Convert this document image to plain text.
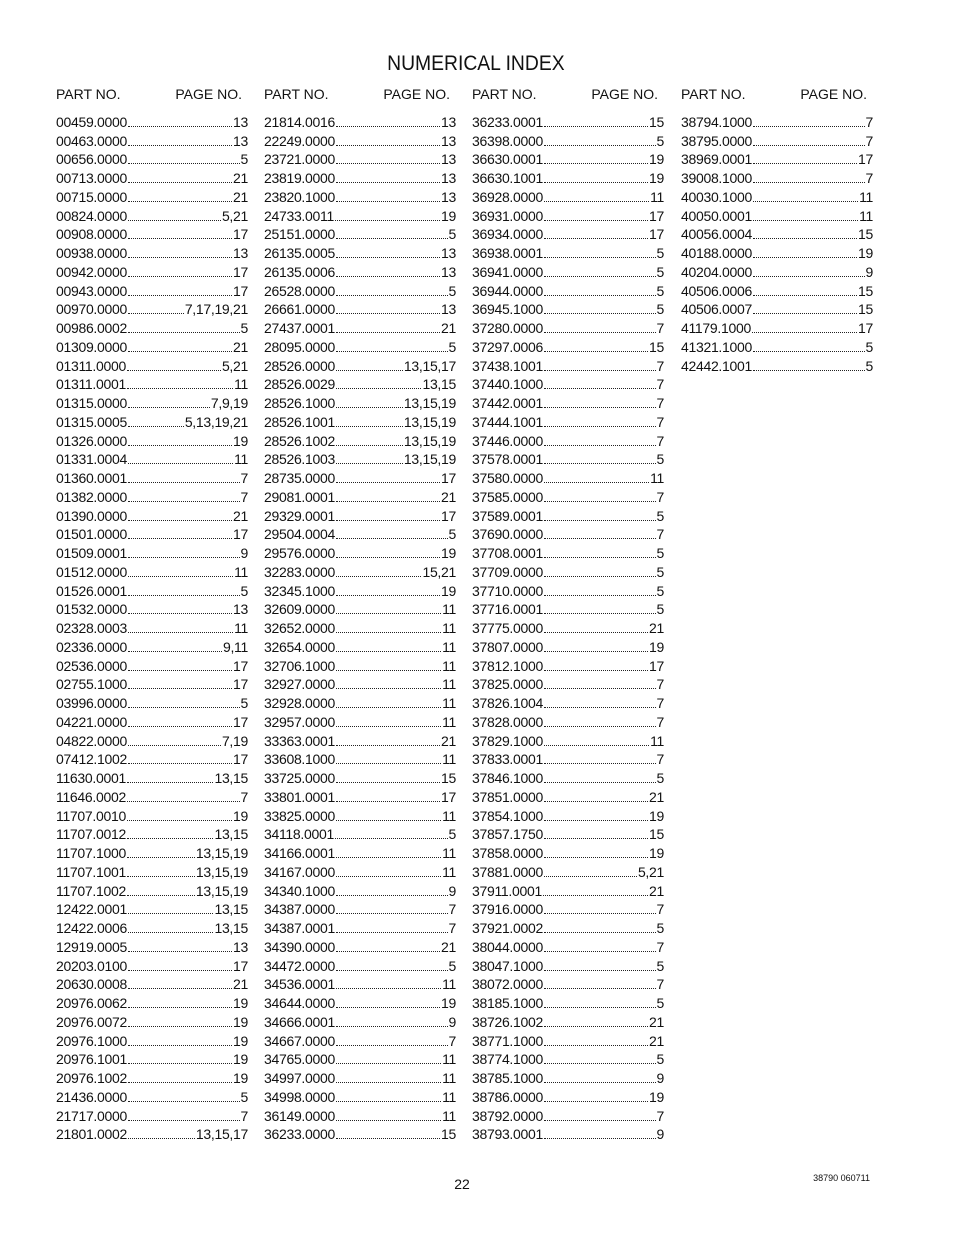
NUMERICAL INDEX
PART NO.	PAGE NO.
00459.0000	13
00463.0000	13
00656.0000	5
00713.0000	21
00715.0000	21
00824.0000	5,21
00908.0000	17
00938.0000	13
00942.0000	17
00943.0000	17
00970.0000	7,17,19,21
00986.0002	5
01309.0000	21
01311.0000	5,21
01311.0001	11
01315.0000	7,9,19
01315.0005	5,13,19,21
01326.0000	19
01331.0004	11
01360.0001	7
01382.0000	7
01390.0000	21
01501.0000	17
01509.0001	9
01512.0000	11
01526.0001	5
01532.0000	13
02328.0003	11
02336.0000	9,11
02536.0000	17
02755.1000	17
03996.0000	5
04221.0000	17
04822.0000	7,19
07412.1002	17
11630.0001	13,15
11646.0002	7
11707.0010	19
11707.0012	13,15
11707.1000	13,15,19
11707.1001	13,15,19
11707.1002	13,15,19
12422.0001	13,15
12422.0006	13,15
12919.0005	13
20203.0100	17
20630.0008	21
20976.0062	19
20976.0072	19
20976.1000	19
20976.1001	19
20976.1002	19
21436.0000	5
21717.0000	7
21801.0002	13,15,17
PART NO.	PAGE NO.
21814.0016	13
22249.0000	13
23721.0000	13
23819.0000	13
23820.1000	13
24733.0011	19
25151.0000	5
26135.0005	13
26135.0006	13
26528.0000	5
26661.0000	13
27437.0001	21
28095.0000	5
28526.0000	13,15,17
28526.0029	13,15
28526.1000	13,15,19
28526.1001	13,15,19
28526.1002	13,15,19
28526.1003	13,15,19
28735.0000	17
29081.0001	21
29329.0001	17
29504.0004	5
29576.0000	19
32283.0000	15,21
32345.1000	19
32609.0000	11
32652.0000	11
32654.0000	11
32706.1000	11
32927.0000	11
32928.0000	11
32957.0000	11
33363.0001	21
33608.1000	11
33725.0000	15
33801.0001	17
33825.0000	11
34118.0001	5
34166.0001	11
34167.0000	11
34340.1000	9
34387.0000	7
34387.0001	7
34390.0000	21
34472.0000	5
34536.0001	11
34644.0000	19
34666.0001	9
34667.0000	7
34765.0000	11
34997.0000	11
34998.0000	11
36149.0000	11
36233.0000	15
PART NO.	PAGE NO.
36233.0001	15
36398.0000	5
36630.0001	19
36630.1001	19
36928.0000	11
36931.0000	17
36934.0000	17
36938.0001	5
36941.0000	5
36944.0000	5
36945.1000	5
37280.0000	7
37297.0006	15
37438.1001	7
37440.1000	7
37442.0001	7
37444.1001	7
37446.0000	7
37578.0001	5
37580.0000	11
37585.0000	7
37589.0001	5
37690.0000	7
37708.0001	5
37709.0000	5
37710.0000	5
37716.0001	5
37775.0000	21
37807.0000	19
37812.1000	17
37825.0000	7
37826.1004	7
37828.0000	7
37829.1000	11
37833.0001	7
37846.1000	5
37851.0000	21
37854.1000	19
37857.1750	15
37858.0000	19
37881.0000	5,21
37911.0001	21
37916.0000	7
37921.0002	5
38044.0000	7
38047.1000	5
38072.0000	7
38185.1000	5
38726.1002	21
38771.1000	21
38774.1000	5
38785.1000	9
38786.0000	19
38792.0000	7
38793.0001	9
PART NO.	PAGE NO.
38794.1000	7
38795.0000	7
38969.0001	17
39008.1000	7
40030.1000	11
40050.0001	11
40056.0004	15
40188.0000	19
40204.0000	9
40506.0006	15
40506.0007	15
41179.1000	17
41321.1000	5
42442.1001	5
22	38790 060711
